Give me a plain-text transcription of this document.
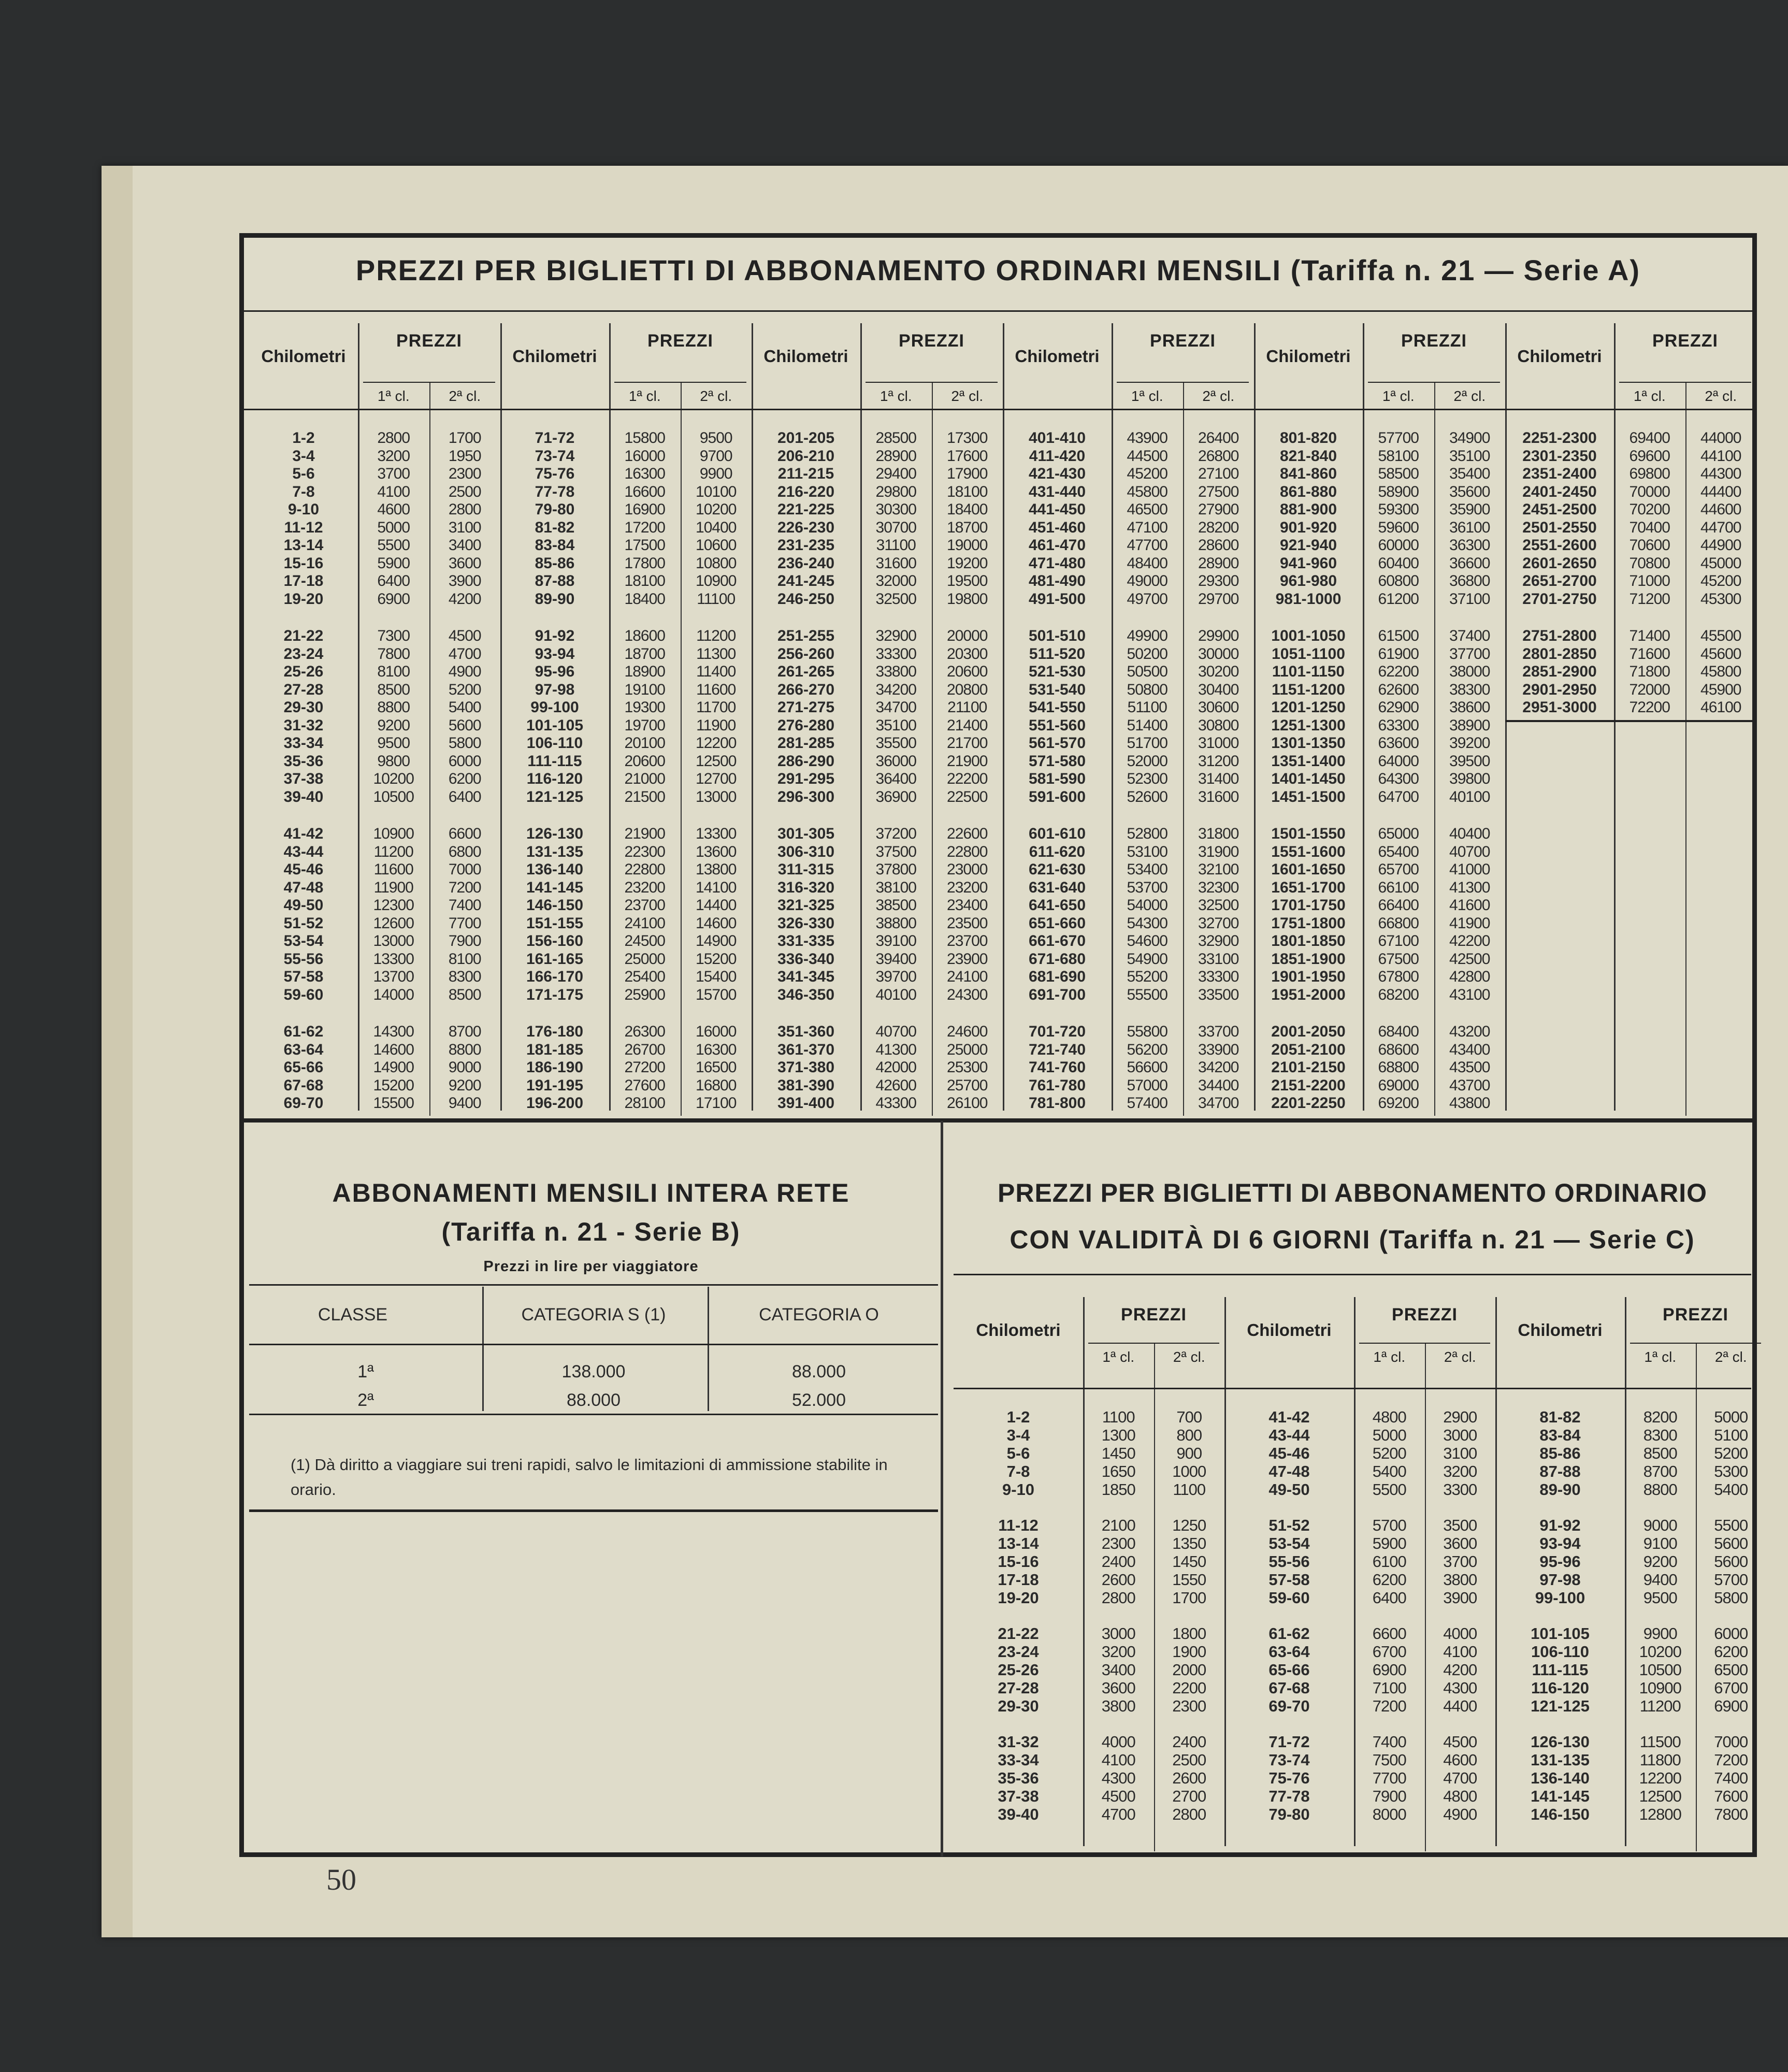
PREZZI PER BIGLIETTI DI ABBONAMENTO ORDINARI MENSILI (Tariffa n. 21 — Serie A)
Chilometri
PREZZI
1ª cl.	2ª cl.
1-2	2800	1700
3-4	3200	1950
5-6	3700	2300
7-8	4100	2500
9-10	4600	2800
11-12	5000	3100
13-14	5500	3400
15-16	5900	3600
17-18	6400	3900
19-20	6900	4200
21-22	7300	4500
23-24	7800	4700
25-26	8100	4900
27-28	8500	5200
29-30	8800	5400
31-32	9200	5600
33-34	9500	5800
35-36	9800	6000
37-38	10200	6200
39-40	10500	6400
41-42	10900	6600
43-44	11200	6800
45-46	11600	7000
47-48	11900	7200
49-50	12300	7400
51-52	12600	7700
53-54	13000	7900
55-56	13300	8100
57-58	13700	8300
59-60	14000	8500
61-62	14300	8700
63-64	14600	8800
65-66	14900	9000
67-68	15200	9200
69-70	15500	9400
Chilometri
PREZZI
1ª cl.	2ª cl.
71-72	15800	9500
73-74	16000	9700
75-76	16300	9900
77-78	16600	10100
79-80	16900	10200
81-82	17200	10400
83-84	17500	10600
85-86	17800	10800
87-88	18100	10900
89-90	18400	11100
91-92	18600	11200
93-94	18700	11300
95-96	18900	11400
97-98	19100	11600
99-100	19300	11700
101-105	19700	11900
106-110	20100	12200
111-115	20600	12500
116-120	21000	12700
121-125	21500	13000
126-130	21900	13300
131-135	22300	13600
136-140	22800	13800
141-145	23200	14100
146-150	23700	14400
151-155	24100	14600
156-160	24500	14900
161-165	25000	15200
166-170	25400	15400
171-175	25900	15700
176-180	26300	16000
181-185	26700	16300
186-190	27200	16500
191-195	27600	16800
196-200	28100	17100
Chilometri
PREZZI
1ª cl.	2ª cl.
201-205	28500	17300
206-210	28900	17600
211-215	29400	17900
216-220	29800	18100
221-225	30300	18400
226-230	30700	18700
231-235	31100	19000
236-240	31600	19200
241-245	32000	19500
246-250	32500	19800
251-255	32900	20000
256-260	33300	20300
261-265	33800	20600
266-270	34200	20800
271-275	34700	21100
276-280	35100	21400
281-285	35500	21700
286-290	36000	21900
291-295	36400	22200
296-300	36900	22500
301-305	37200	22600
306-310	37500	22800
311-315	37800	23000
316-320	38100	23200
321-325	38500	23400
326-330	38800	23500
331-335	39100	23700
336-340	39400	23900
341-345	39700	24100
346-350	40100	24300
351-360	40700	24600
361-370	41300	25000
371-380	42000	25300
381-390	42600	25700
391-400	43300	26100
Chilometri
PREZZI
1ª cl.	2ª cl.
401-410	43900	26400
411-420	44500	26800
421-430	45200	27100
431-440	45800	27500
441-450	46500	27900
451-460	47100	28200
461-470	47700	28600
471-480	48400	28900
481-490	49000	29300
491-500	49700	29700
501-510	49900	29900
511-520	50200	30000
521-530	50500	30200
531-540	50800	30400
541-550	51100	30600
551-560	51400	30800
561-570	51700	31000
571-580	52000	31200
581-590	52300	31400
591-600	52600	31600
601-610	52800	31800
611-620	53100	31900
621-630	53400	32100
631-640	53700	32300
641-650	54000	32500
651-660	54300	32700
661-670	54600	32900
671-680	54900	33100
681-690	55200	33300
691-700	55500	33500
701-720	55800	33700
721-740	56200	33900
741-760	56600	34200
761-780	57000	34400
781-800	57400	34700
Chilometri
PREZZI
1ª cl.	2ª cl.
801-820	57700	34900
821-840	58100	35100
841-860	58500	35400
861-880	58900	35600
881-900	59300	35900
901-920	59600	36100
921-940	60000	36300
941-960	60400	36600
961-980	60800	36800
981-1000	61200	37100
1001-1050	61500	37400
1051-1100	61900	37700
1101-1150	62200	38000
1151-1200	62600	38300
1201-1250	62900	38600
1251-1300	63300	38900
1301-1350	63600	39200
1351-1400	64000	39500
1401-1450	64300	39800
1451-1500	64700	40100
1501-1550	65000	40400
1551-1600	65400	40700
1601-1650	65700	41000
1651-1700	66100	41300
1701-1750	66400	41600
1751-1800	66800	41900
1801-1850	67100	42200
1851-1900	67500	42500
1901-1950	67800	42800
1951-2000	68200	43100
2001-2050	68400	43200
2051-2100	68600	43400
2101-2150	68800	43500
2151-2200	69000	43700
2201-2250	69200	43800
Chilometri
PREZZI
1ª cl.	2ª cl.
2251-2300	69400	44000
2301-2350	69600	44100
2351-2400	69800	44300
2401-2450	70000	44400
2451-2500	70200	44600
2501-2550	70400	44700
2551-2600	70600	44900
2601-2650	70800	45000
2651-2700	71000	45200
2701-2750	71200	45300
2751-2800	71400	45500
2801-2850	71600	45600
2851-2900	71800	45800
2901-2950	72000	45900
2951-3000	72200	46100
ABBONAMENTI MENSILI INTERA RETE
(Tariffa n. 21 - Serie B)
Prezzi in lire per viaggiatore
CLASSE	CATEGORIA S (1)	CATEGORIA O
1ª	138.000	88.000
2ª	88.000	52.000
(1) Dà diritto a viaggiare sui treni rapidi, salvo le limitazioni di ammissione stabilite in orario.
PREZZI PER BIGLIETTI DI ABBONAMENTO ORDINARIO
CON VALIDITÀ DI 6 GIORNI (Tariffa n. 21 — Serie C)
Chilometri
PREZZI
1ª cl.	2ª cl.
1-2	1100	700
3-4	1300	800
5-6	1450	900
7-8	1650	1000
9-10	1850	1100
11-12	2100	1250
13-14	2300	1350
15-16	2400	1450
17-18	2600	1550
19-20	2800	1700
21-22	3000	1800
23-24	3200	1900
25-26	3400	2000
27-28	3600	2200
29-30	3800	2300
31-32	4000	2400
33-34	4100	2500
35-36	4300	2600
37-38	4500	2700
39-40	4700	2800
Chilometri
PREZZI
1ª cl.	2ª cl.
41-42	4800	2900
43-44	5000	3000
45-46	5200	3100
47-48	5400	3200
49-50	5500	3300
51-52	5700	3500
53-54	5900	3600
55-56	6100	3700
57-58	6200	3800
59-60	6400	3900
61-62	6600	4000
63-64	6700	4100
65-66	6900	4200
67-68	7100	4300
69-70	7200	4400
71-72	7400	4500
73-74	7500	4600
75-76	7700	4700
77-78	7900	4800
79-80	8000	4900
Chilometri
PREZZI
1ª cl.	2ª cl.
81-82	8200	5000
83-84	8300	5100
85-86	8500	5200
87-88	8700	5300
89-90	8800	5400
91-92	9000	5500
93-94	9100	5600
95-96	9200	5600
97-98	9400	5700
99-100	9500	5800
101-105	9900	6000
106-110	10200	6200
111-115	10500	6500
116-120	10900	6700
121-125	11200	6900
126-130	11500	7000
131-135	11800	7200
136-140	12200	7400
141-145	12500	7600
146-150	12800	7800
50
